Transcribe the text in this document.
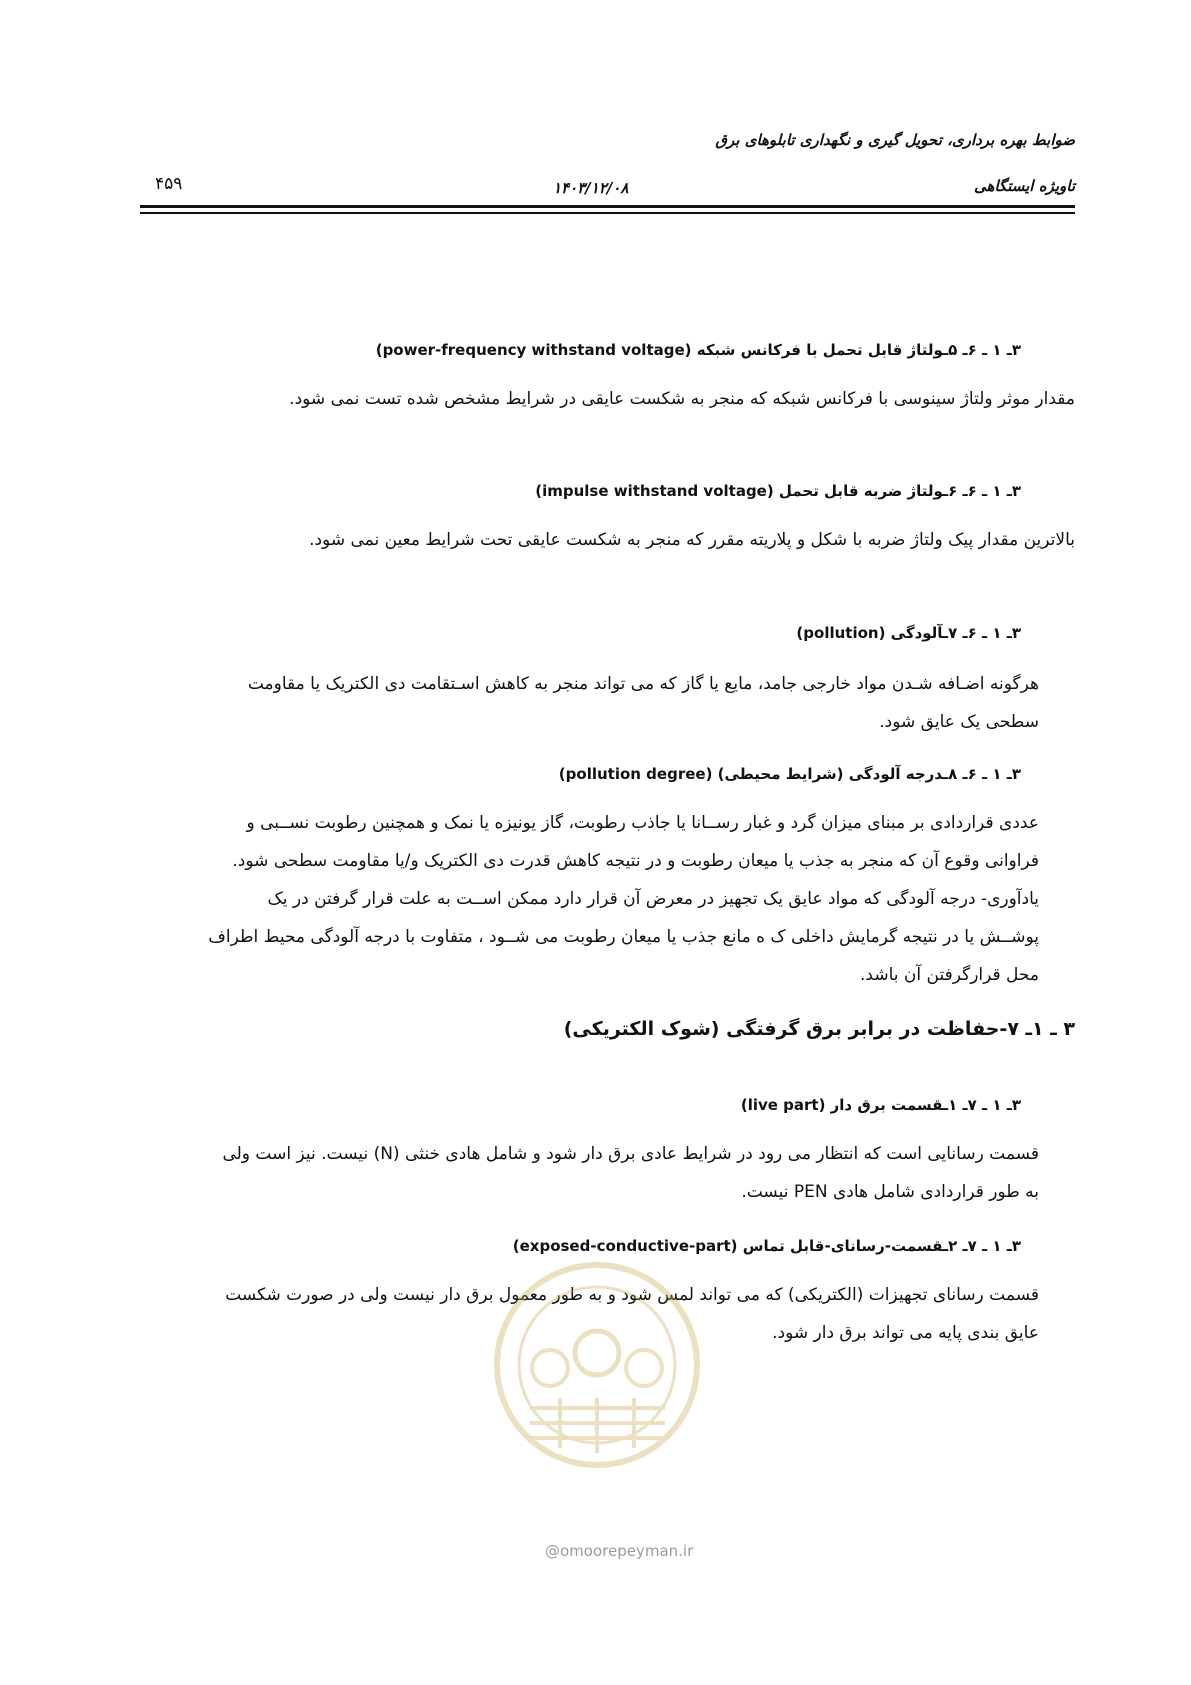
ضوابط بهره برداری، تحویل گیری و نگهداری تابلوهای برق
تاویژه ایستگاهی
۱۴۰۳/۱۲/۰۸
۴۵۹
۳ـ ۱ ـ ۶ـ ۵ـولتاژ قابل تحمل با فرکانس شبکه (power-frequency withstand voltage)
مقدار موثر ولتاژ سینوسی با فرکانس شبکه که منجر به شکست عایقی در شرایط مشخص شده تست نمی شود.
۳ـ ۱ ـ ۶ـ ۶ـولتاژ ضربه قابل تحمل (impulse withstand voltage)
بالاترین مقدار پیک ولتاژ ضربه با شکل و پلاریته مقرر که منجر به شکست عایقی تحت شرایط معین نمی شود.
۳ـ ۱ ـ ۶ـ ۷ـآلودگی (pollution)
هرگونه اضـافه شـدن مواد خارجی جامد، مایع یا گاز که می تواند منجر به کاهش اسـتقامت دی الکتریک یا مقاومت
سطحی یک عایق شود.
۳ـ ۱ ـ ۶ـ ۸ـدرجه آلودگی (شرایط محیطی) (pollution degree)
عددی قراردادی بر مبنای میزان گرد و غبار رســانا یا جاذب رطوبت، گاز یونیزه یا نمک و همچنین رطوبت نســبی و
فراوانی وقوع آن که منجر به جذب یا میعان رطوبت و در نتیجه کاهش قدرت دی الکتریک و/یا مقاومت سطحی شود.
یادآوری- درجه آلودگی که مواد عایق یک تجهیز در معرض آن قرار دارد ممکن اســت به علت قرار گرفتن در یک
پوشــش یا در نتیجه گرمایش داخلی ک ه مانع جذب یا میعان رطوبت می شــود ، متفاوت با درجه آلودگی محیط اطراف
محل قرارگرفتن آن باشد.
۳ ـ ۱ـ ۷-حفاظت در برابر برق گرفتگی (شوک الکتریکی)
۳ـ ۱ ـ ۷ـ ۱ـقسمت برق دار (live part)
قسمت رسانایی است که انتظار می رود در شرایط عادی برق دار شود و شامل هادی خنثی (N) نیست. نیز است ولی
به طور قراردادی شامل هادی PEN نیست.
۳ـ ۱ ـ ۷ـ ۲ـقسمت-رسانای-قابل تماس (exposed-conductive-part)
قسمت رسانای تجهیزات (الکتریکی) که می تواند لمس شود و به طور معمول برق دار نیست ولی در صورت شکست
عایق بندی پایه می تواند برق دار شود.
@omoorepeyman.ir
